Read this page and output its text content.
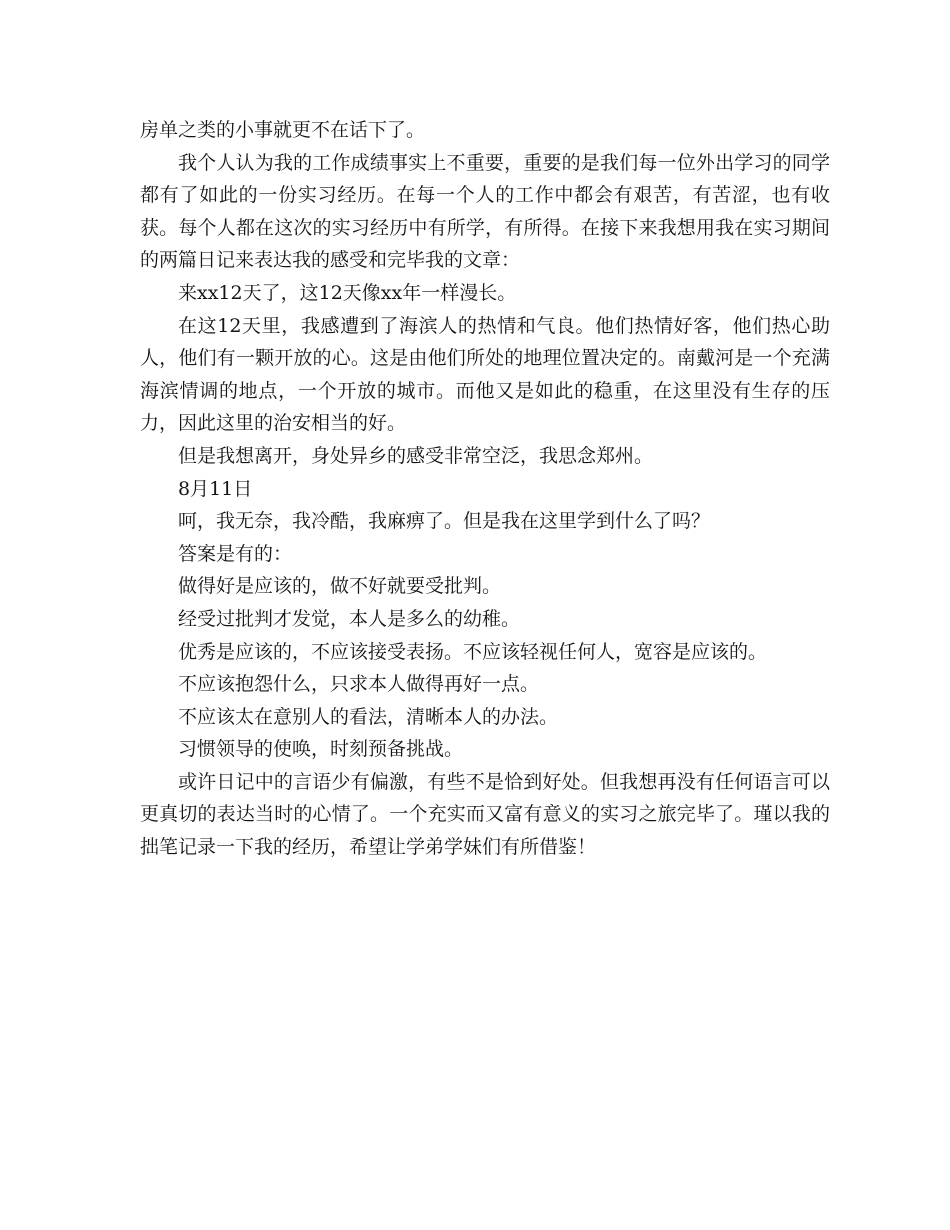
房单之类的小事就更不在话下了。

我个人认为我的工作成绩事实上不重要，重要的是我们每一位外出学习的同学都有了如此的一份实习经历。在每一个人的工作中都会有艰苦，有苦涩，也有收获。每个人都在这次的实习经历中有所学，有所得。在接下来我想用我在实习期间的两篇日记来表达我的感受和完毕我的文章：

来xx12天了，这12天像xx年一样漫长。

在这12天里，我感遭到了海滨人的热情和气良。他们热情好客，他们热心助人，他们有一颗开放的心。这是由他们所处的地理位置决定的。南戴河是一个充满海滨情调的地点，一个开放的城市。而他又是如此的稳重，在这里没有生存的压力，因此这里的治安相当的好。

但是我想离开，身处异乡的感受非常空泛，我思念郑州。

8月11日

呵，我无奈，我冷酷，我麻痹了。但是我在这里学到什么了吗？

答案是有的：

做得好是应该的，做不好就要受批判。

经受过批判才发觉，本人是多么的幼稚。

优秀是应该的，不应该接受表扬。不应该轻视任何人，宽容是应该的。

不应该抱怨什么，只求本人做得再好一点。

不应该太在意别人的看法，清晰本人的办法。

习惯领导的使唤，时刻预备挑战。

或许日记中的言语少有偏激，有些不是恰到好处。但我想再没有任何语言可以更真切的表达当时的心情了。一个充实而又富有意义的实习之旅完毕了。瑾以我的拙笔记录一下我的经历，希望让学弟学妹们有所借鉴！
